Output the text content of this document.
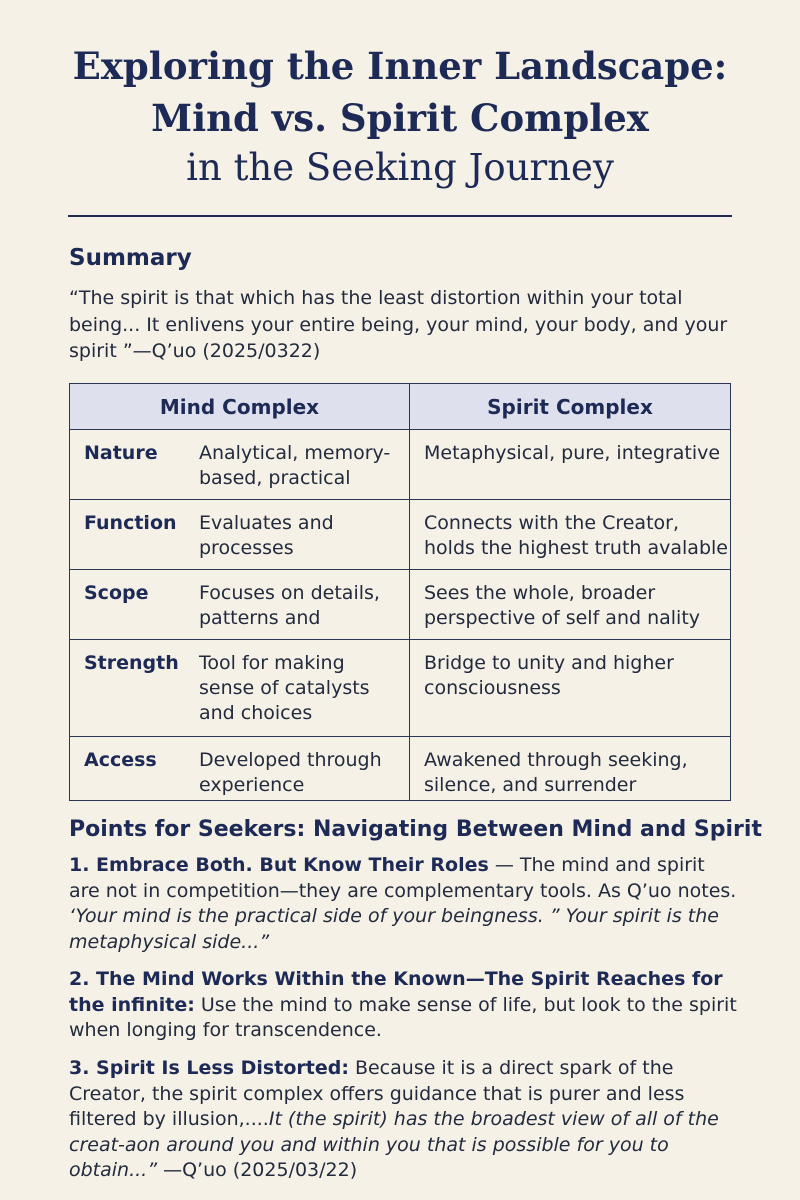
Exploring the Inner Landscape:
Mind vs. Spirit Complex
in the Seeking Journey
Summary

“The spirit is that which has the least distortion within your total being... It enlivens your entire being, your mind, your body, and your spirit ”—Q’uo (2025/0322)

Mind Complex		Spirit Complex
Nature	Analytical, memory-based, practical	Metaphysical, pure, integrative
Function	Evaluates and processes	Connects with the Creator, holds the highest truth avalable
Scope	Focuses on details, patterns and	Sees the whole, broader perspective of self and nality
Strength	Tool for making sense of catalysts and choices	Bridge to unity and higher consciousness
Access	Developed through experience	Awakened through seeking, silence, and surrender
Points for Seekers: Navigating Between Mind and Spirit

1. Embrace Both. But Know Their Roles — The mind and spirit are not in competition—they are complementary tools. As Q’uo notes. ‘Your mind is the practical side of your beingness. ” Your spirit is the metaphysical side...”

2. The Mind Works Within the Known—The Spirit Reaches for the infinite: Use the mind to make sense of life, but look to the spirit when longing for transcendence.

3. Spirit Is Less Distorted: Because it is a direct spark of the Creator, the spirit complex offers guidance that is purer and less filtered by illusion,....It (the spirit) has the broadest view of all of the creat-aon around you and within you that is possible for you to obtain...” —Q’uo (2025/03/22)
